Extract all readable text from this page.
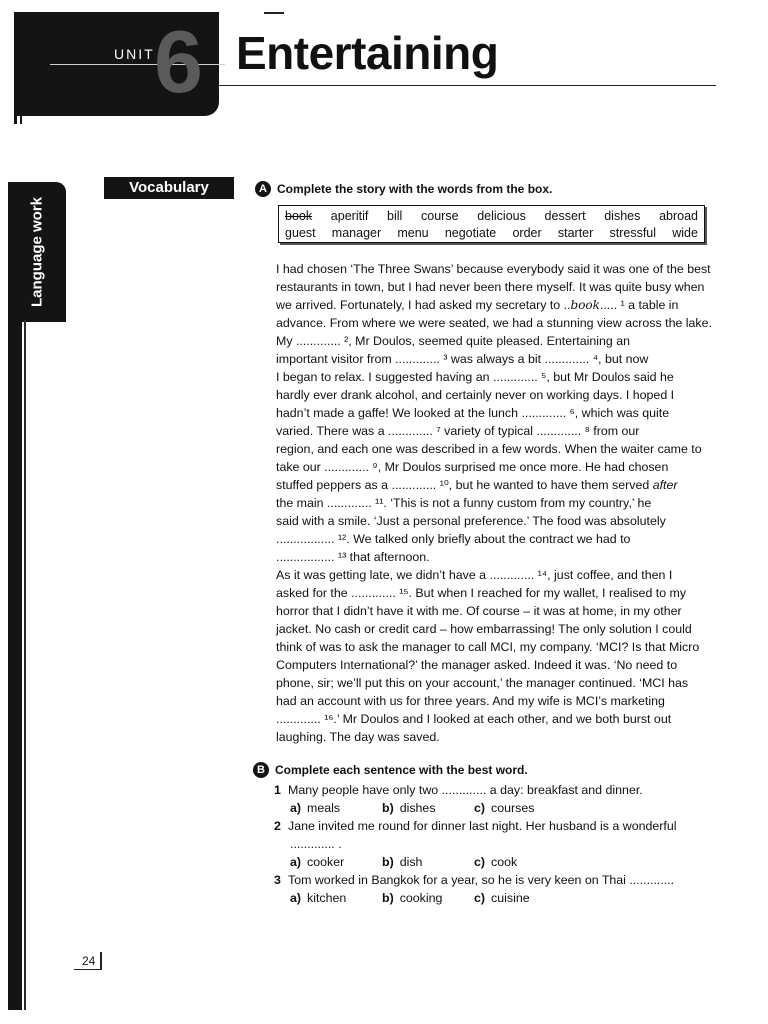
6
UNIT Entertaining
Language work
Vocabulary	A Complete the story with the words from the box.
book aperitif bill course delicious dessert dishes abroad
guest manager menu negotiate order starter stressful wide

I had chosen ‘The Three Swans’ because everybody said it was one of the best

restaurants in town, but I had never been there myself. It was quite busy when

we arrived. Fortunately, I had asked my secretary to ..book..... ¹ a table in

advance. From where we were seated, we had a stunning view across the lake.

My ............. ², Mr Doulos, seemed quite pleased. Entertaining an

important visitor from ............. ³ was always a bit ............. ⁴, but now

I began to relax. I suggested having an ............. ⁵, but Mr Doulos said he

hardly ever drank alcohol, and certainly never on working days. I hoped I

hadn’t made a gaffe! We looked at the lunch ............. ⁶, which was quite

varied. There was a ............. ⁷ variety of typical ............. ⁸ from our

region, and each one was described in a few words. When the waiter came to

take our ............. ⁹, Mr Doulos surprised me once more. He had chosen

stuffed peppers as a ............. ¹⁰, but he wanted to have them served after

the main ............. ¹¹. ‘This is not a funny custom from my country,’ he

said with a smile. ‘Just a personal preference.’ The food was absolutely

................. ¹². We talked only briefly about the contract we had to

................. ¹³ that afternoon.

As it was getting late, we didn’t have a ............. ¹⁴, just coffee, and then I

asked for the ............. ¹⁵. But when I reached for my wallet, I realised to my

horror that I didn’t have it with me. Of course – it was at home, in my other

jacket. No cash or credit card – how embarrassing! The only solution I could

think of was to ask the manager to call MCI, my company. ‘MCI? Is that Micro

Computers International?’ the manager asked. Indeed it was. ‘No need to

phone, sir; we’ll put this on your account,’ the manager continued. ‘MCI has

had an account with us for three years. And my wife is MCI’s marketing

............. ¹⁶.’ Mr Doulos and I looked at each other, and we both burst out

laughing. The day was saved.

B Complete each sentence with the best word.
1 Many people have only two ............. a day: breakfast and dinner.
a) meals	b) dishes	c) courses
2 Jane invited me round for dinner last night. Her husband is a wonderful
............. .
a) cooker	b) dish	c) cook
3 Tom worked in Bangkok for a year, so he is very keen on Thai .............
a) kitchen	b) cooking	c) cuisine
24
